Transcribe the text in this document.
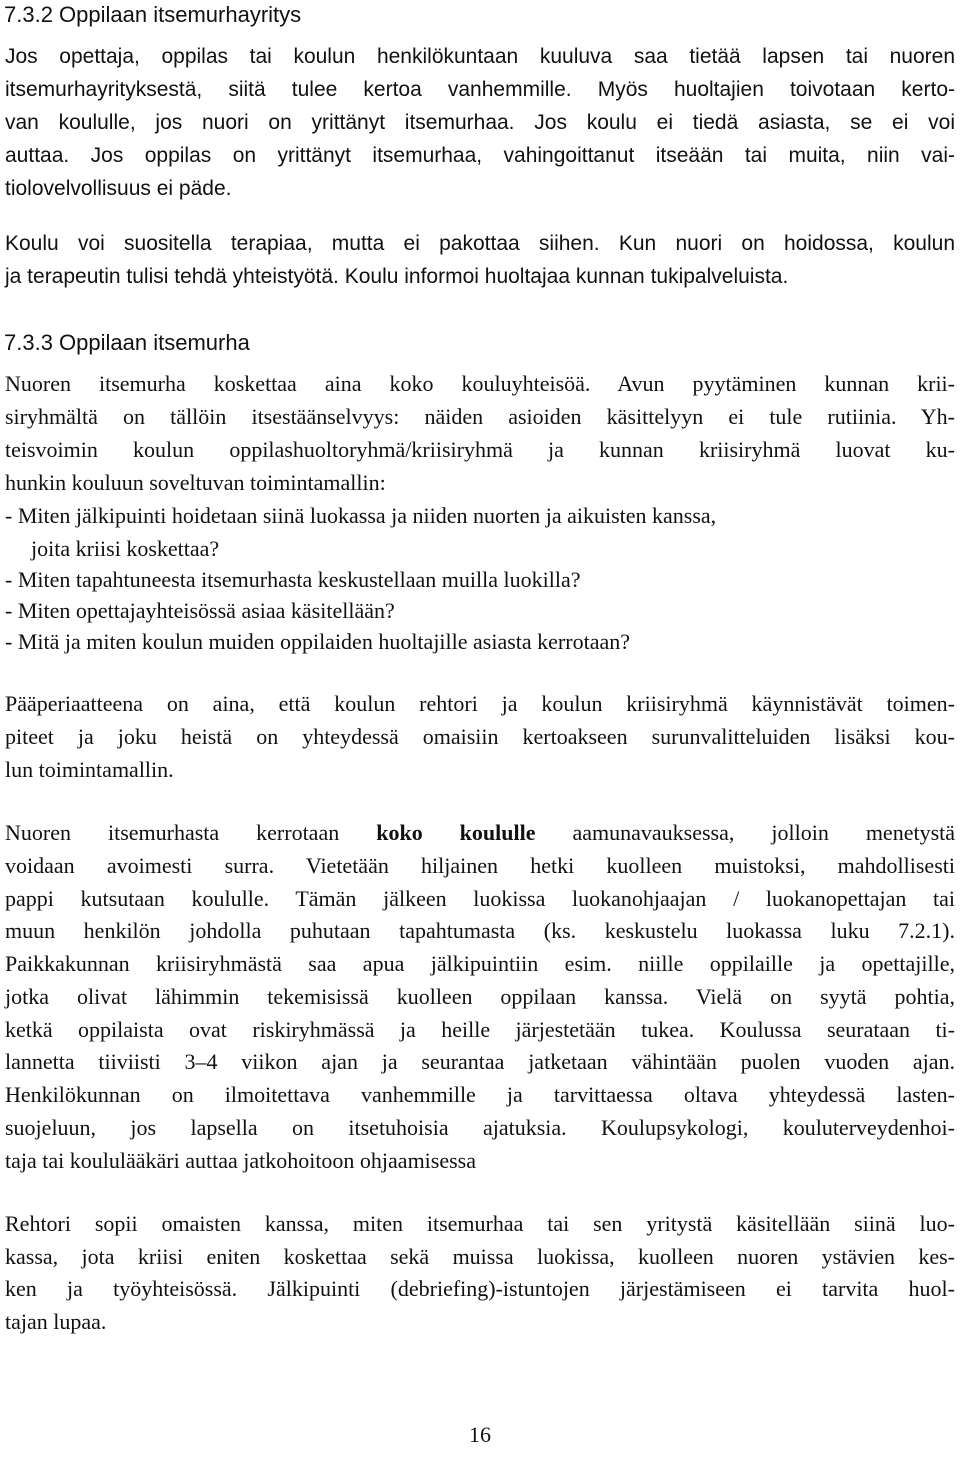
7.3.2 Oppilaan itsemurhayritys
Jos opettaja, oppilas tai koulun henkilökuntaan kuuluva saa tietää lapsen tai nuoren
itsemurhayrityksestä, siitä tulee kertoa vanhemmille. Myös huoltajien toivotaan kerto-
van koululle, jos nuori on yrittänyt itsemurhaa. Jos koulu ei tiedä asiasta, se ei voi
auttaa. Jos oppilas on yrittänyt itsemurhaa, vahingoittanut itseään tai muita, niin vai-
tiolovelvollisuus ei päde.
Koulu voi suositella terapiaa, mutta ei pakottaa siihen. Kun nuori on hoidossa, koulun
ja terapeutin tulisi tehdä yhteistyötä. Koulu informoi huoltajaa kunnan tukipalveluista.
7.3.3 Oppilaan itsemurha
Nuoren itsemurha koskettaa aina koko kouluyhteisöä. Avun pyytäminen kunnan krii-
siryhmältä on tällöin itsestäänselvyys: näiden asioiden käsittelyyn ei tule rutiinia. Yh-
teisvoimin koulun oppilashuoltoryhmä/kriisiryhmä ja kunnan kriisiryhmä luovat ku-
hunkin kouluun soveltuvan toimintamallin:
- Miten jälkipuinti hoidetaan siinä luokassa ja niiden nuorten ja aikuisten kanssa,
joita kriisi koskettaa?
- Miten tapahtuneesta itsemurhasta keskustellaan muilla luokilla?
- Miten opettajayhteisössä asiaa käsitellään?
- Mitä ja miten koulun muiden oppilaiden huoltajille asiasta kerrotaan?
Pääperiaatteena on aina, että koulun rehtori ja koulun kriisiryhmä käynnistävät toimen-
piteet ja joku heistä on yhteydessä omaisiin kertoakseen surunvalitteluiden lisäksi kou-
lun toimintamallin.
Nuoren itsemurhasta kerrotaan koko koululle aamunavauksessa, jolloin menetystä
voidaan avoimesti surra. Vietetään hiljainen hetki kuolleen muistoksi, mahdollisesti
pappi kutsutaan koululle. Tämän jälkeen luokissa luokanohjaajan / luokanopettajan tai
muun henkilön johdolla puhutaan tapahtumasta (ks. keskustelu luokassa luku 7.2.1).
Paikkakunnan kriisiryhmästä saa apua jälkipuintiin esim. niille oppilaille ja opettajille,
jotka olivat lähimmin tekemisissä kuolleen oppilaan kanssa. Vielä on syytä pohtia,
ketkä oppilaista ovat riskiryhmässä ja heille järjestetään tukea. Koulussa seurataan ti-
lannetta tiiviisti 3–4 viikon ajan ja seurantaa jatketaan vähintään puolen vuoden ajan.
Henkilökunnan on ilmoitettava vanhemmille ja tarvittaessa oltava yhteydessä lasten-
suojeluun, jos lapsella on itsetuhoisia ajatuksia. Koulupsykologi, kouluterveydenhoi-
taja tai koululääkäri auttaa jatkohoitoon ohjaamisessa
Rehtori sopii omaisten kanssa, miten itsemurhaa tai sen yritystä käsitellään siinä luo-
kassa, jota kriisi eniten koskettaa sekä muissa luokissa, kuolleen nuoren ystävien kes-
ken ja työyhteisössä. Jälkipuinti (debriefing)-istuntojen järjestämiseen ei tarvita huol-
tajan lupaa.
16
